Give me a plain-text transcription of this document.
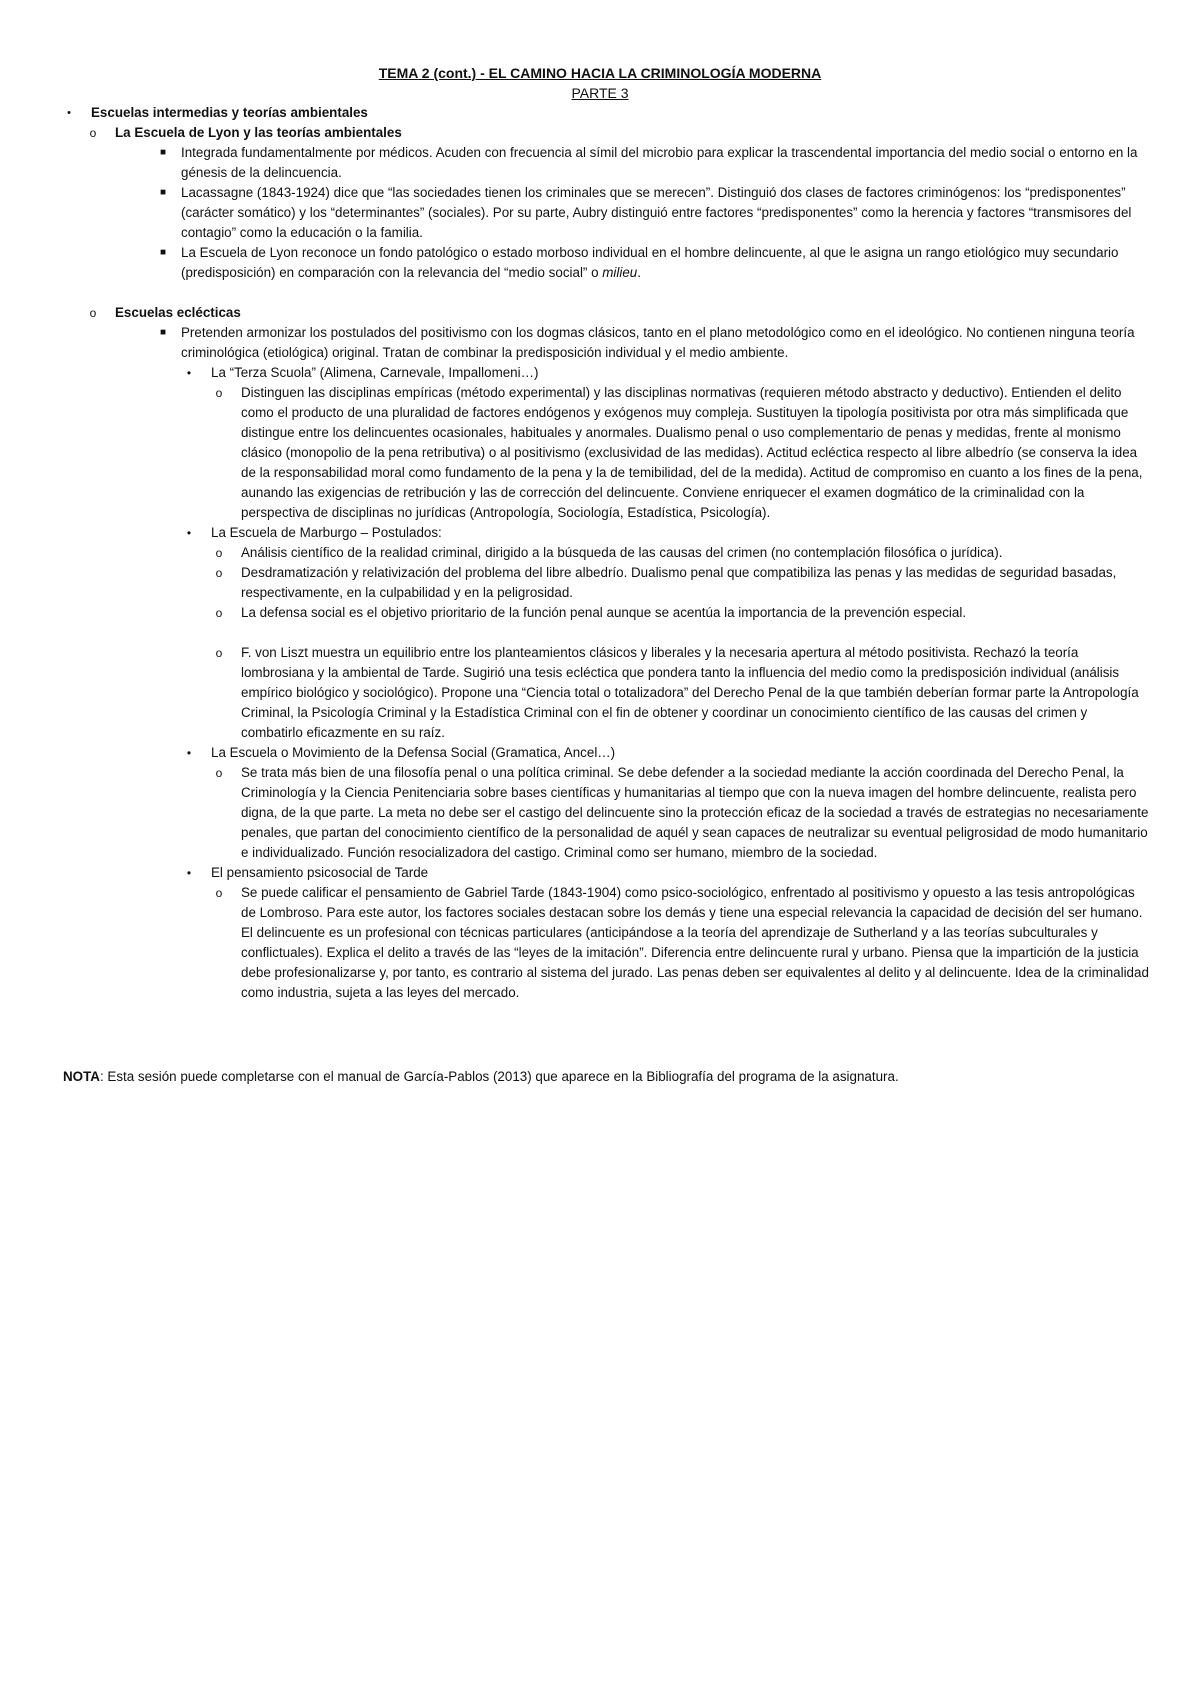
TEMA 2 (cont.) - EL CAMINO HACIA LA CRIMINOLOGÍA MODERNA
PARTE 3
•	Escuelas intermedias y teorías ambientales
o La Escuela de Lyon y las teorías ambientales
■ Integrada fundamentalmente por médicos. Acuden con frecuencia al símil del microbio para explicar la trascendental importancia del medio social o entorno en la génesis de la delincuencia.
■ Lacassagne (1843-1924) dice que “las sociedades tienen los criminales que se merecen”. Distinguió dos clases de factores criminógenos: los “predisponentes” (carácter somático) y los “determinantes” (sociales). Por su parte, Aubry distinguió entre factores “predisponentes” como la herencia y factores “transmisores del contagio” como la educación o la familia.
■ La Escuela de Lyon reconoce un fondo patológico o estado morboso individual en el hombre delincuente, al que le asigna un rango etiológico muy secundario (predisposición) en comparación con la relevancia del “medio social” o milieu.
o Escuelas eclécticas
■ Pretenden armonizar los postulados del positivismo con los dogmas clásicos, tanto en el plano metodológico como en el ideológico. No contienen ninguna teoría criminológica (etiológica) original. Tratan de combinar la predisposición individual y el medio ambiente.
• La “Terza Scuola” (Alimena, Carnevale, Impallomeni…)
o Distinguen las disciplinas empíricas (método experimental) y las disciplinas normativas (requieren método abstracto y deductivo). Entienden el delito como el producto de una pluralidad de factores endógenos y exógenos muy compleja. Sustituyen la tipología positivista por otra más simplificada que distingue entre los delincuentes ocasionales, habituales y anormales. Dualismo penal o uso complementario de penas y medidas, frente al monismo clásico (monopolio de la pena retributiva) o al positivismo (exclusividad de las medidas). Actitud ecléctica respecto al libre albedrío (se conserva la idea de la responsabilidad moral como fundamento de la pena y la de temibilidad, del de la medida). Actitud de compromiso en cuanto a los fines de la pena, aunando las exigencias de retribución y las de corrección del delincuente. Conviene enriquecer el examen dogmático de la criminalidad con la perspectiva de disciplinas no jurídicas (Antropología, Sociología, Estadística, Psicología).
• La Escuela de Marburgo – Postulados:
o Análisis científico de la realidad criminal, dirigido a la búsqueda de las causas del crimen (no contemplación filosófica o jurídica).
o Desdramatización y relativización del problema del libre albedrío. Dualismo penal que compatibiliza las penas y las medidas de seguridad basadas, respectivamente, en la culpabilidad y en la peligrosidad.
o La defensa social es el objetivo prioritario de la función penal aunque se acentúa la importancia de la prevención especial.
o F. von Liszt muestra un equilibrio entre los planteamientos clásicos y liberales y la necesaria apertura al método positivista. Rechazó la teoría lombrosiana y la ambiental de Tarde. Sugirió una tesis ecléctica que pondera tanto la influencia del medio como la predisposición individual (análisis empírico biológico y sociológico). Propone una “Ciencia total o totalizadora” del Derecho Penal de la que también deberían formar parte la Antropología Criminal, la Psicología Criminal y la Estadística Criminal con el fin de obtener y coordinar un conocimiento científico de las causas del crimen y combatirlo eficazmente en su raíz.
• La Escuela o Movimiento de la Defensa Social (Gramatica, Ancel…)
o Se trata más bien de una filosofía penal o una política criminal. Se debe defender a la sociedad mediante la acción coordinada del Derecho Penal, la Criminología y la Ciencia Penitenciaria sobre bases científicas y humanitarias al tiempo que con la nueva imagen del hombre delincuente, realista pero digna, de la que parte. La meta no debe ser el castigo del delincuente sino la protección eficaz de la sociedad a través de estrategias no necesariamente penales, que partan del conocimiento científico de la personalidad de aquél y sean capaces de neutralizar su eventual peligrosidad de modo humanitario e individualizado. Función resocializadora del castigo. Criminal como ser humano, miembro de la sociedad.
• El pensamiento psicosocial de Tarde
o Se puede calificar el pensamiento de Gabriel Tarde (1843-1904) como psico-sociológico, enfrentado al positivismo y opuesto a las tesis antropológicas de Lombroso. Para este autor, los factores sociales destacan sobre los demás y tiene una especial relevancia la capacidad de decisión del ser humano. El delincuente es un profesional con técnicas particulares (anticipándose a la teoría del aprendizaje de Sutherland y a las teorías subculturales y conflictuales). Explica el delito a través de las “leyes de la imitación”. Diferencia entre delincuente rural y urbano. Piensa que la impartición de la justicia debe profesionalizarse y, por tanto, es contrario al sistema del jurado. Las penas deben ser equivalentes al delito y al delincuente. Idea de la criminalidad como industria, sujeta a las leyes del mercado.
NOTA: Esta sesión puede completarse con el manual de García-Pablos (2013) que aparece en la Bibliografía del programa de la asignatura.
